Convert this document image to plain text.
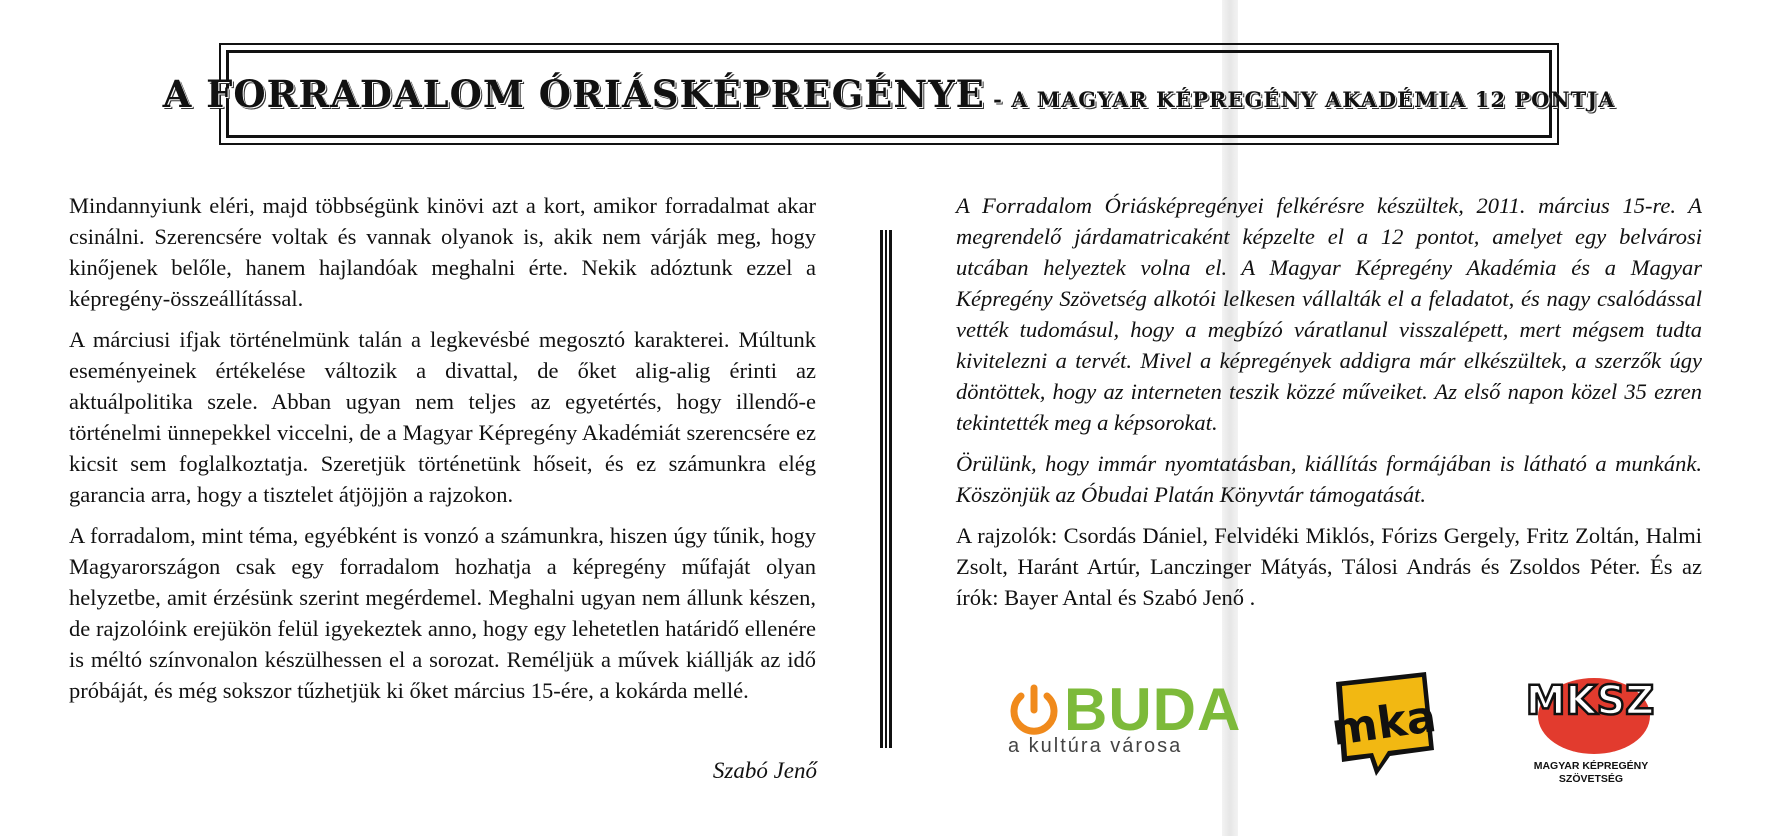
A FORRADALOM ÓRIÁSKÉPREGÉNYE - A MAGYAR KÉPREGÉNY AKADÉMIA 12 PONTJA

Mindannyiunk eléri, majd többségünk kinövi azt a kort, amikor forradalmat akar csinálni. Szerencsére voltak és vannak olyanok is, akik nem várják meg, hogy kinőjenek belőle, hanem hajlandóak meghalni érte. Nekik adóztunk ezzel a képregény-összeállítással.

A márciusi ifjak történelmünk talán a legkevésbé megosztó karakterei. Múltunk eseményeinek értékelése változik a divattal, de őket alig-alig érinti az aktuálpolitika szele. Abban ugyan nem teljes az egyetértés, hogy illendő-e történelmi ünnepekkel viccelni, de a Magyar Képregény Akadémiát szerencsére ez kicsit sem foglalkoztatja. Szeretjük történetünk hőseit, és ez számunkra elég garancia arra, hogy a tisztelet átjöjjön a rajzokon.

A forradalom, mint téma, egyébként is vonzó a számunkra, hiszen úgy tűnik, hogy Magyarországon csak egy forradalom hozhatja a képregény műfaját olyan helyzetbe, amit érzésünk szerint megérdemel. Meghalni ugyan nem állunk készen, de rajzolóink erejükön felül igyekeztek anno, hogy egy lehetetlen határidő ellenére is méltó színvonalon készülhessen el a sorozat. Reméljük a művek kiállják az idő próbáját, és még sokszor tűzhetjük ki őket március 15-ére, a kokárda mellé.

Szabó Jenő

A Forradalom Óriásképregényei felkérésre készültek, 2011. március 15-re. A megrendelő járdamatricaként képzelte el a 12 pontot, amelyet egy belvárosi utcában helyeztek volna el. A Magyar Képregény Akadémia és a Magyar Képregény Szövetség alkotói lelkesen vállalták el a feladatot, és nagy csalódással vették tudomásul, hogy a megbízó váratlanul visszalépett, mert mégsem tudta kivitelezni a tervét. Mivel a képregények addigra már elkészültek, a szerzők úgy döntöttek, hogy az interneten teszik közzé műveiket. Az első napon közel 35 ezren tekintették meg a képsorokat.

Örülünk, hogy immár nyomtatásban, kiállítás formájában is látható a munkánk. Köszönjük az Óbudai Platán Könyvtár támogatását.

A rajzolók: Csordás Dániel, Felvidéki Miklós, Fórizs Gergely, Fritz Zoltán, Halmi Zsolt, Haránt Artúr, Lanczinger Mátyás, Tálosi András és Zsoldos Péter. És az írók: Bayer Antal és Szabó Jenő .

BUDA
a kultúra városa	mka MKSZ
MAGYAR KÉPREGÉNY
SZÖVETSÉG
